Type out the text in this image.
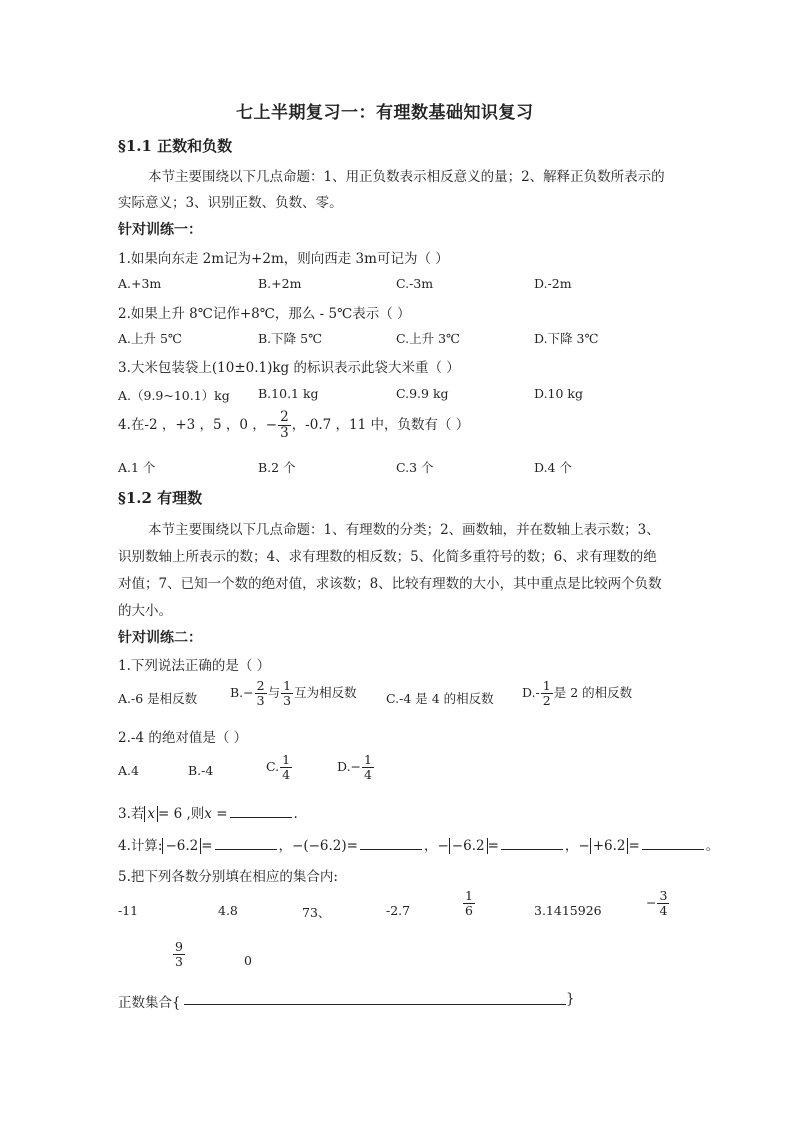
七上半期复习一：有理数基础知识复习
§1.1 正数和负数
本节主要围绕以下几点命题：1、用正负数表示相反意义的量；2、解释正负数所表示的
实际意义；3、识别正数、负数、零。
针对训练一：
1.如果向东走 2m记为+2m，则向西走 3m可记为（ ）
A.+3m	B.+2m	C.-3m	D.-2m
2.如果上升 8℃记作+8℃，那么 - 5℃表示（ ）
A.上升 5℃	B.下降 5℃	C.上升 3℃	D.下降 3℃
3.大米包装袋上(10±0.1)kg 的标识表示此袋大米重（ ）
A.（9.9~10.1）kg B.10.1 kg	C.9.9 kg	D.10 kg
4.在-2 ，+3 ，5 ，0 ，− $\frac{2}{3}$ ，-0.7 ，11 中，负数有（ ）
A.1 个	B.2 个	C.3 个	D.4 个
§1.2 有理数
本节主要围绕以下几点命题：1、有理数的分类；2、画数轴，并在数轴上表示数；3、
识别数轴上所表示的数；4、求有理数的相反数；5、化简多重符号的数；6、求有理数的绝
对值；7、已知一个数的绝对值，求该数；8、比较有理数的大小，其中重点是比较两个负数
的大小。
针对训练二：
1.下列说法正确的是（ ）
A.-6 是相反数	$B.- \frac{2}{3}$ 与 $\frac{1}{3}$ 互为相反数 C.-4 是 4 的相反数 $D.- \frac{1}{2}$ 是 2 的相反数
2.-4 的绝对值是（ ）
A.4	B.-4	C. $\frac{1}{4}$	$D.- \frac{1}{4}$
3.若 x = 6 ,则x =	.
4.计算: −6.2 =	，−(−6.2)=	，− −6.2 =	，− +6.2 =	。
5.把下列各数分别填在相应的集合内:
-11	4.8	73、	-2.7	$\frac{1}{6}$	3.1415926
− $\frac{3}{4}$
$\frac{9}{3}$	0
正数集合{	}
